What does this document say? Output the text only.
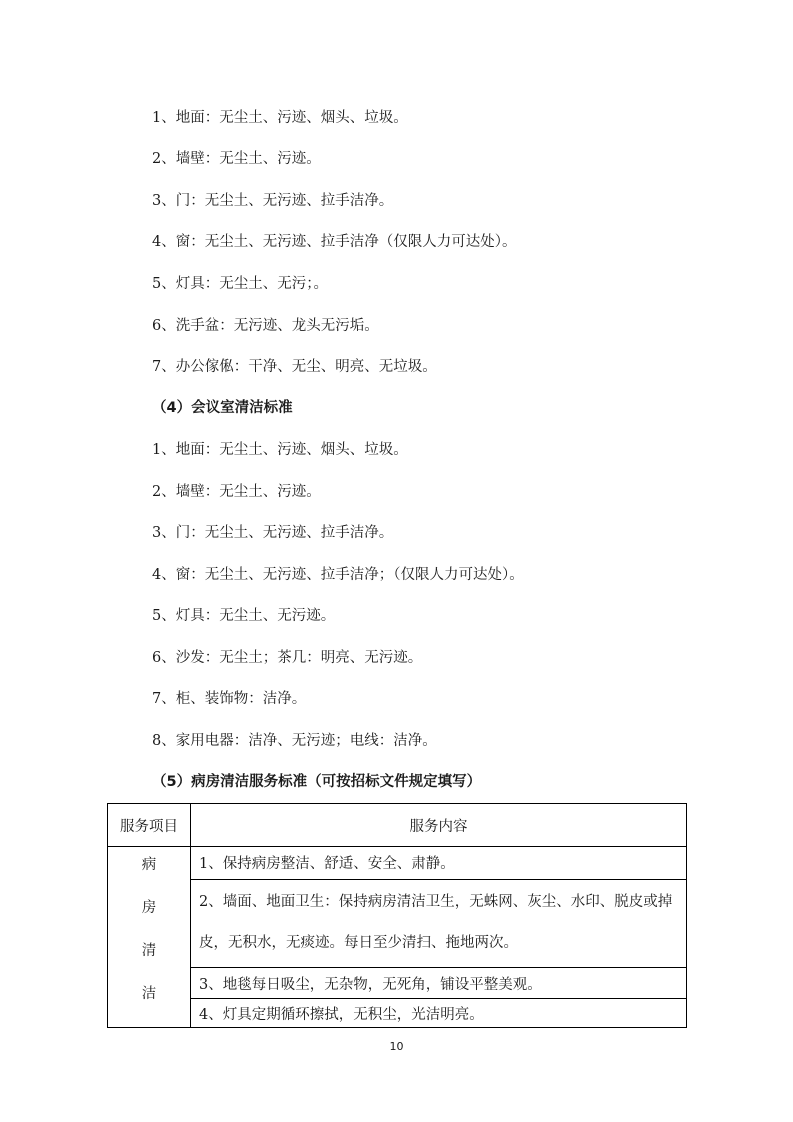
1、地面：无尘土、污迹、烟头、垃圾。
2、墙壁：无尘土、污迹。
3、门：无尘土、无污迹、拉手洁净。
4、窗：无尘土、无污迹、拉手洁净（仅限人力可达处）。
5、灯具：无尘土、无污；。
6、洗手盆：无污迹、龙头无污垢。
7、办公傢俬：干净、无尘、明亮、无垃圾。
（4）会议室清洁标准
1、地面：无尘土、污迹、烟头、垃圾。
2、墙壁：无尘土、污迹。
3、门：无尘土、无污迹、拉手洁净。
4、窗：无尘土、无污迹、拉手洁净；（仅限人力可达处）。
5、灯具：无尘土、无污迹。
6、沙发：无尘土；茶几：明亮、无污迹。
7、柜、装饰物：洁净。
8、家用电器：洁净、无污迹；电线：洁净。
（5）病房清洁服务标准（可按招标文件规定填写）
服务项目	服务内容

病
房
清
洁	1、保持病房整洁、舒适、安全、肃静。
	2、墙面、地面卫生：保持病房清洁卫生，无蛛网、灰尘、水印、脱皮或掉皮，无积水，无痰迹。每日至少清扫、拖地两次。
	3、地毯每日吸尘，无杂物，无死角，铺设平整美观。
	4、灯具定期循环擦拭，无积尘，光洁明亮。
10
